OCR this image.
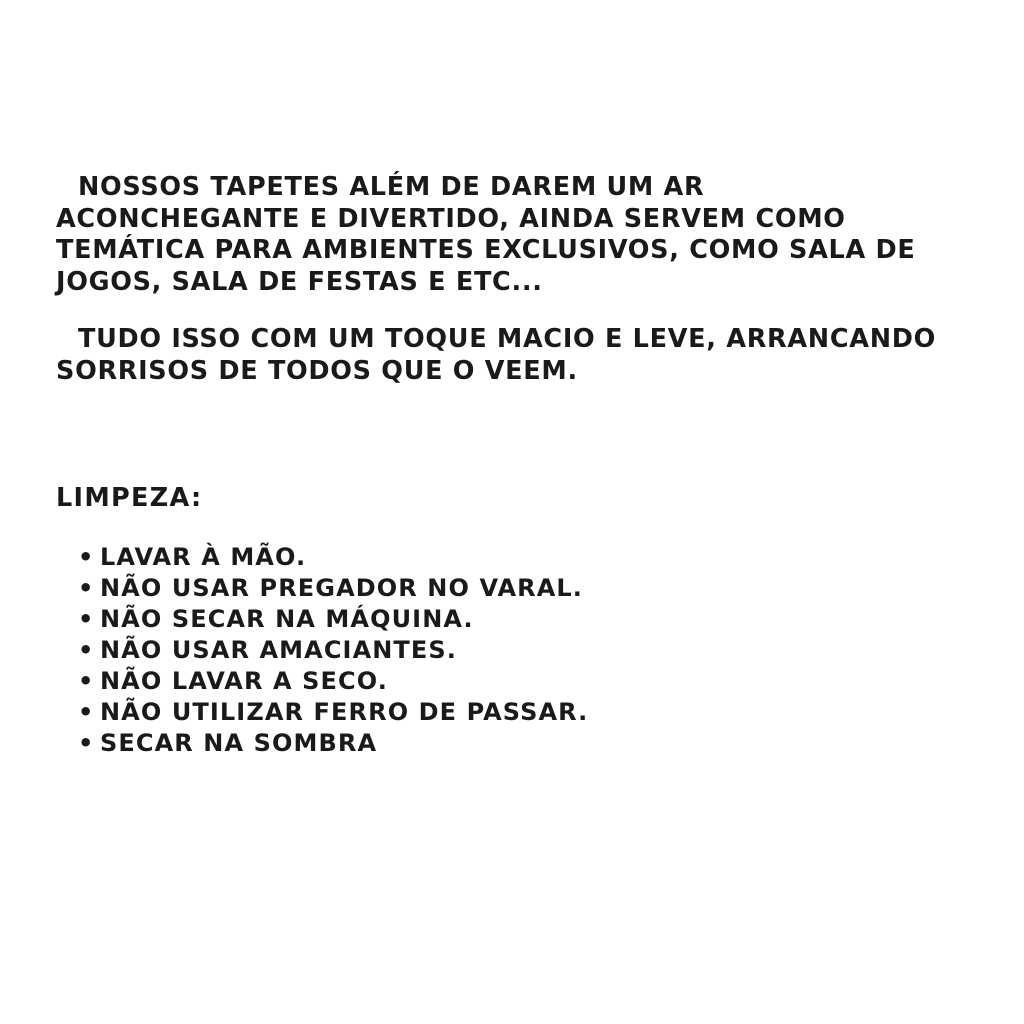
NOSSOS TAPETES ALÉM DE DAREM UM AR ACONCHEGANTE E DIVERTIDO, AINDA SERVEM COMO TEMÁTICA PARA AMBIENTES EXCLUSIVOS, COMO SALA DE JOGOS, SALA DE FESTAS E ETC...

TUDO ISSO COM UM TOQUE MACIO E LEVE, ARRANCANDO SORRISOS DE TODOS QUE O VEEM.

LIMPEZA:

• LAVAR À MÃO.
• NÃO USAR PREGADOR NO VARAL.
• NÃO SECAR NA MÁQUINA.
• NÃO USAR AMACIANTES.
• NÃO LAVAR A SECO.
• NÃO UTILIZAR FERRO DE PASSAR.
• SECAR NA SOMBRA
